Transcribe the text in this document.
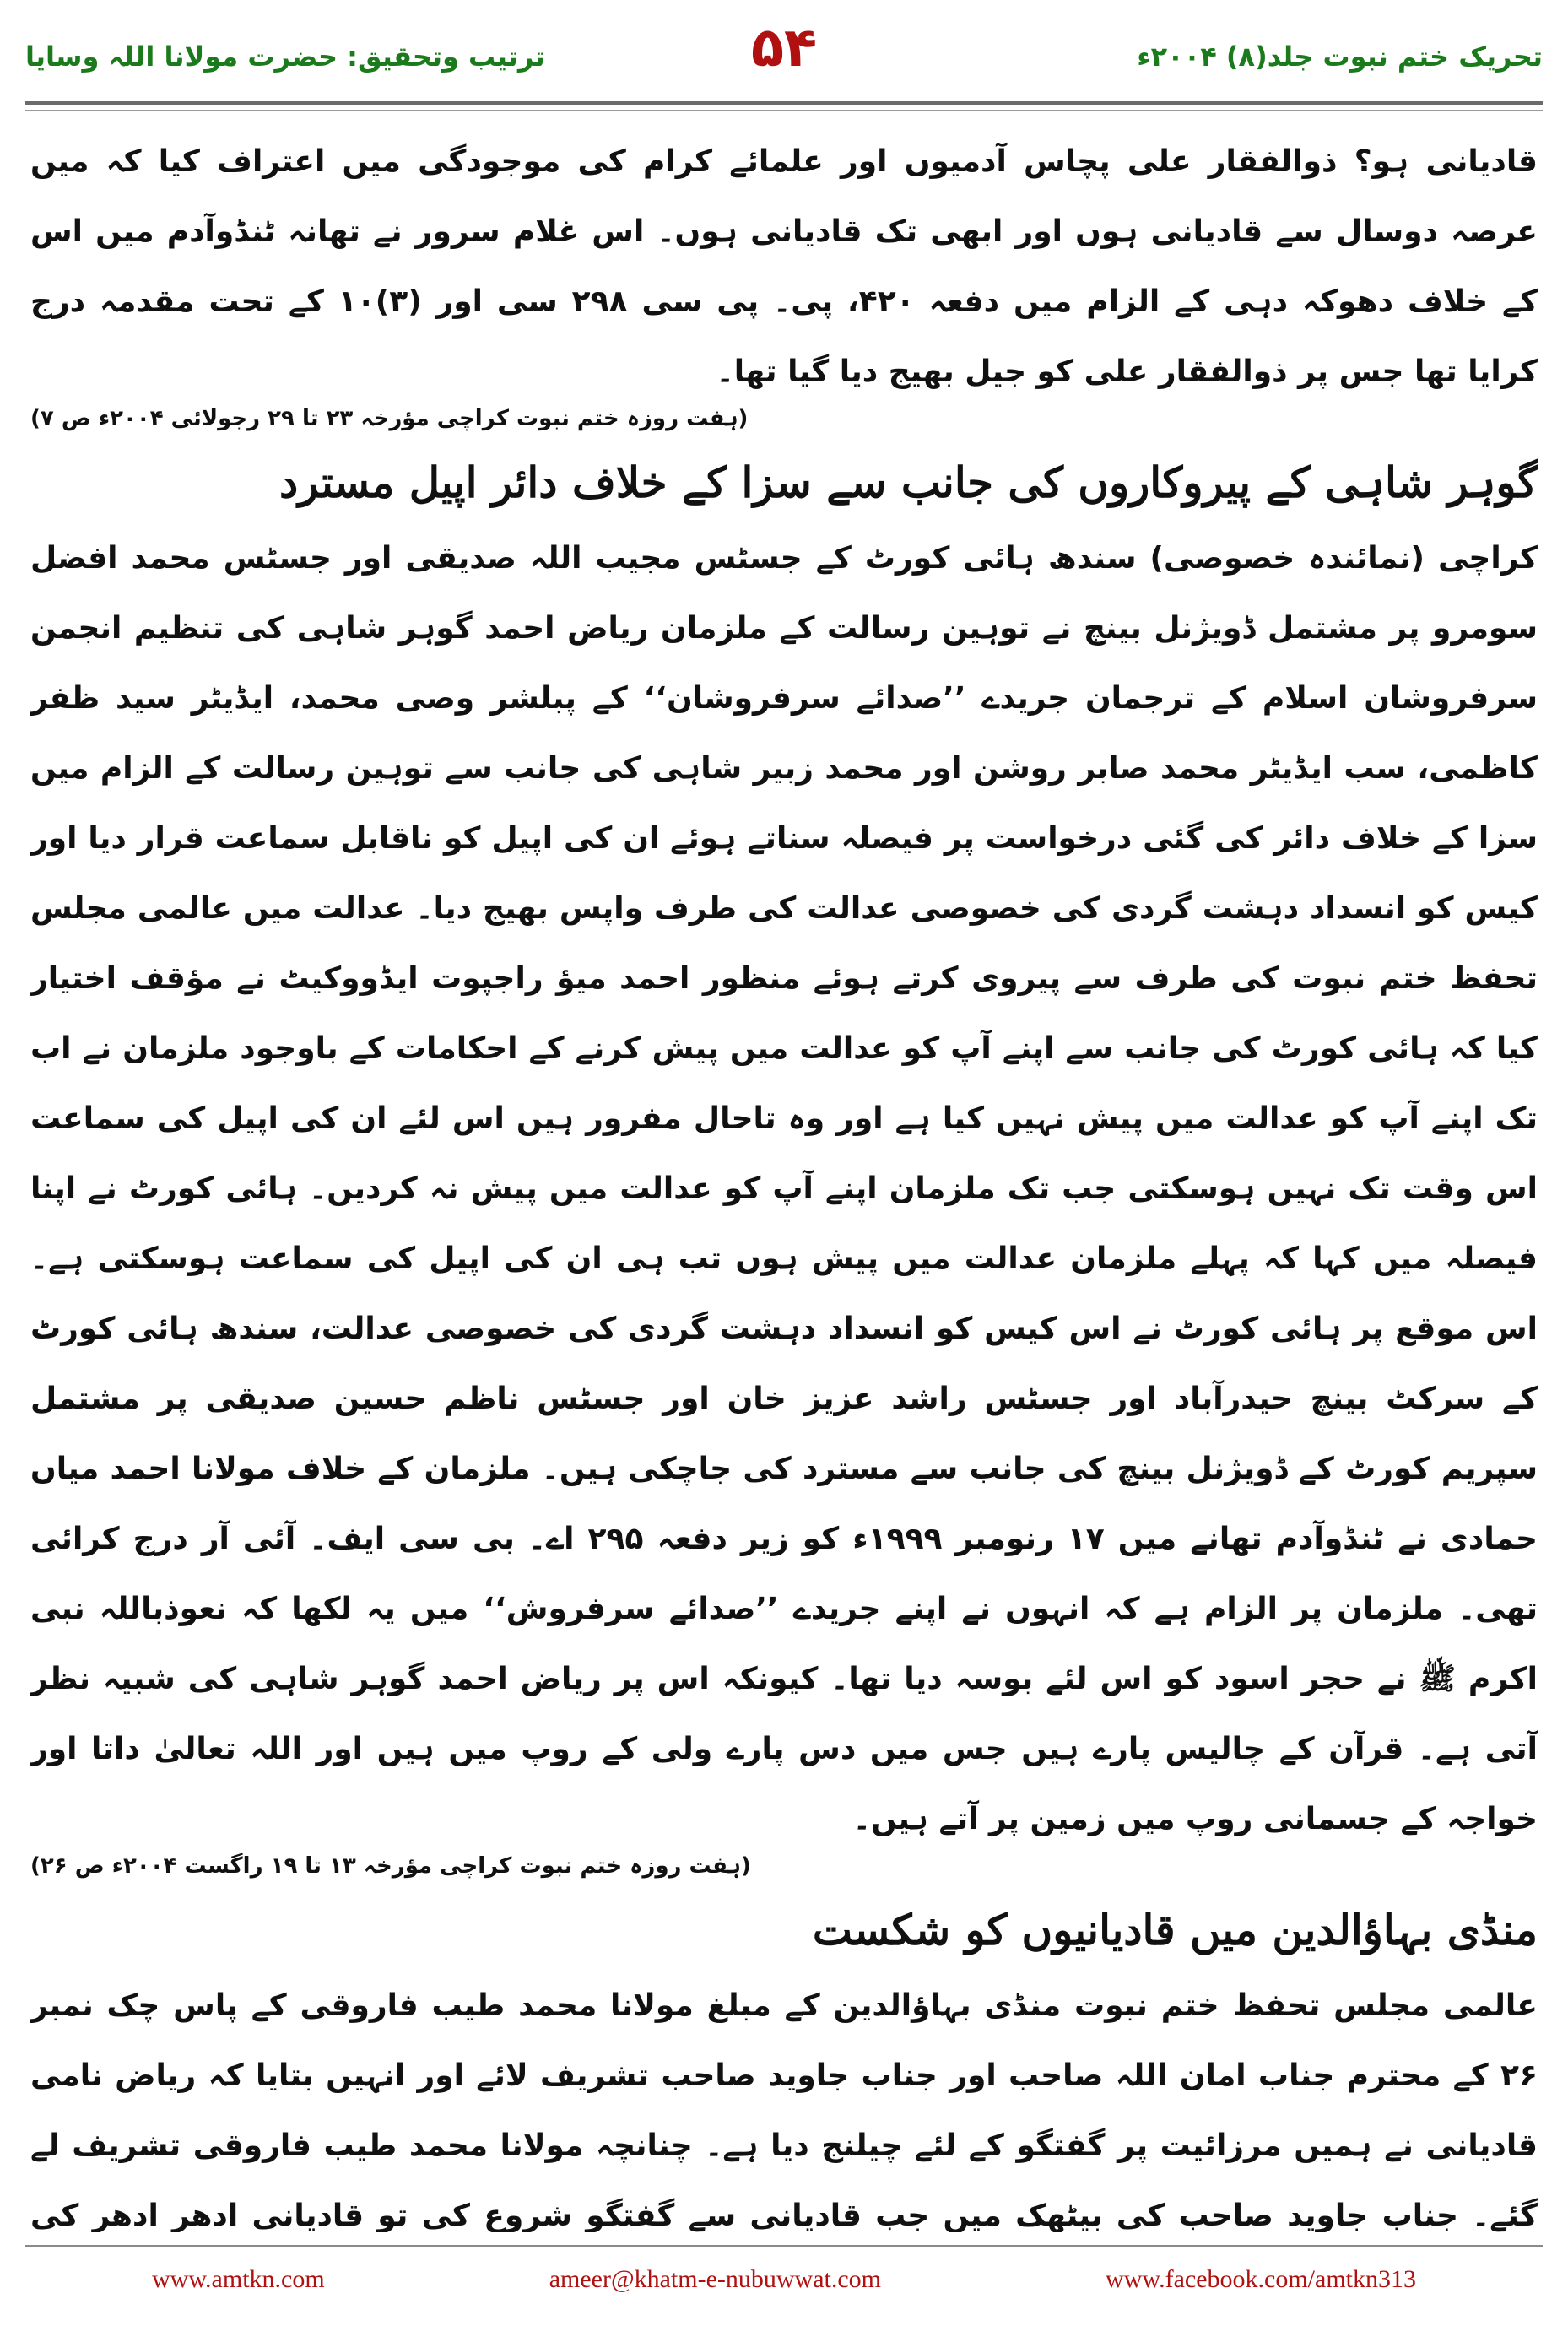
ترتیب وتحقیق: حضرت مولانا اللہ وسایا	۵۴	تحریک ختم نبوت جلد(۸) ۲۰۰۴ء

قادیانی ہو؟ ذوالفقار علی پچاس آدمیوں اور علمائے کرام کی موجودگی میں اعتراف کیا کہ میں عرصہ دوسال سے قادیانی ہوں اور ابھی تک قادیانی ہوں۔ اس غلام سرور نے تھانہ ٹنڈوآدم میں اس کے خلاف دھوکہ دہی کے الزام میں دفعہ ۴۲۰، پی۔ پی سی ۲۹۸ سی اور (۳)۱۰ کے تحت مقدمہ درج کرایا تھا جس پر ذوالفقار علی کو جیل بھیج دیا گیا تھا۔

(ہفت روزہ ختم نبوت کراچی مؤرخہ ۲۳ تا ۲۹ رجولائی ۲۰۰۴ء ص ۷)
گوہر شاہی کے پیروکاروں کی جانب سے سزا کے خلاف دائر اپیل مسترد

کراچی (نمائندہ خصوصی) سندھ ہائی کورٹ کے جسٹس مجیب اللہ صدیقی اور جسٹس محمد افضل سومرو پر مشتمل ڈویژنل بینچ نے توہین رسالت کے ملزمان ریاض احمد گوہر شاہی کی تنظیم انجمن سرفروشان اسلام کے ترجمان جریدے ’’صدائے سرفروشان‘‘ کے پبلشر وصی محمد، ایڈیٹر سید ظفر کاظمی، سب ایڈیٹر محمد صابر روشن اور محمد زبیر شاہی کی جانب سے توہین رسالت کے الزام میں سزا کے خلاف دائر کی گئی درخواست پر فیصلہ سناتے ہوئے ان کی اپیل کو ناقابل سماعت قرار دیا اور کیس کو انسداد دہشت گردی کی خصوصی عدالت کی طرف واپس بھیج دیا۔ عدالت میں عالمی مجلس تحفظ ختم نبوت کی طرف سے پیروی کرتے ہوئے منظور احمد میؤ راجپوت ایڈووکیٹ نے مؤقف اختیار کیا کہ ہائی کورٹ کی جانب سے اپنے آپ کو عدالت میں پیش کرنے کے احکامات کے باوجود ملزمان نے اب تک اپنے آپ کو عدالت میں پیش نہیں کیا ہے اور وہ تاحال مفرور ہیں اس لئے ان کی اپیل کی سماعت اس وقت تک نہیں ہوسکتی جب تک ملزمان اپنے آپ کو عدالت میں پیش نہ کردیں۔ ہائی کورٹ نے اپنا فیصلہ میں کہا کہ پہلے ملزمان عدالت میں پیش ہوں تب ہی ان کی اپیل کی سماعت ہوسکتی ہے۔ اس موقع پر ہائی کورٹ نے اس کیس کو انسداد دہشت گردی کی خصوصی عدالت، سندھ ہائی کورٹ کے سرکٹ بینچ حیدرآباد اور جسٹس راشد عزیز خان اور جسٹس ناظم حسین صدیقی پر مشتمل سپریم کورٹ کے ڈویژنل بینچ کی جانب سے مسترد کی جاچکی ہیں۔ ملزمان کے خلاف مولانا احمد میاں حمادی نے ٹنڈوآدم تھانے میں ۱۷ رنومبر ۱۹۹۹ء کو زیر دفعہ ۲۹۵ اے۔ بی سی ایف۔ آئی آر درج کرائی تھی۔ ملزمان پر الزام ہے کہ انہوں نے اپنے جریدے ’’صدائے سرفروش‘‘ میں یہ لکھا کہ نعوذباللہ نبی اکرم ﷺ نے حجر اسود کو اس لئے بوسہ دیا تھا۔ کیونکہ اس پر ریاض احمد گوہر شاہی کی شبیہ نظر آتی ہے۔ قرآن کے چالیس پارے ہیں جس میں دس پارے ولی کے روپ میں ہیں اور اللہ تعالیٰ داتا اور خواجہ کے جسمانی روپ میں زمین پر آتے ہیں۔

(ہفت روزہ ختم نبوت کراچی مؤرخہ ۱۳ تا ۱۹ راگست ۲۰۰۴ء ص ۲۶)
منڈی بہاؤالدین میں قادیانیوں کو شکست

عالمی مجلس تحفظ ختم نبوت منڈی بہاؤالدین کے مبلغ مولانا محمد طیب فاروقی کے پاس چک نمبر ۲۶ کے محترم جناب امان اللہ صاحب اور جناب جاوید صاحب تشریف لائے اور انہیں بتایا کہ ریاض نامی قادیانی نے ہمیں مرزائیت پر گفتگو کے لئے چیلنج دیا ہے۔ چنانچہ مولانا محمد طیب فاروقی تشریف لے گئے۔ جناب جاوید صاحب کی بیٹھک میں جب قادیانی سے گفتگو شروع کی تو قادیانی ادھر ادھر کی

www.amtkn.com	ameer@khatm-e-nubuwwat.com	www.facebook.com/amtkn313
